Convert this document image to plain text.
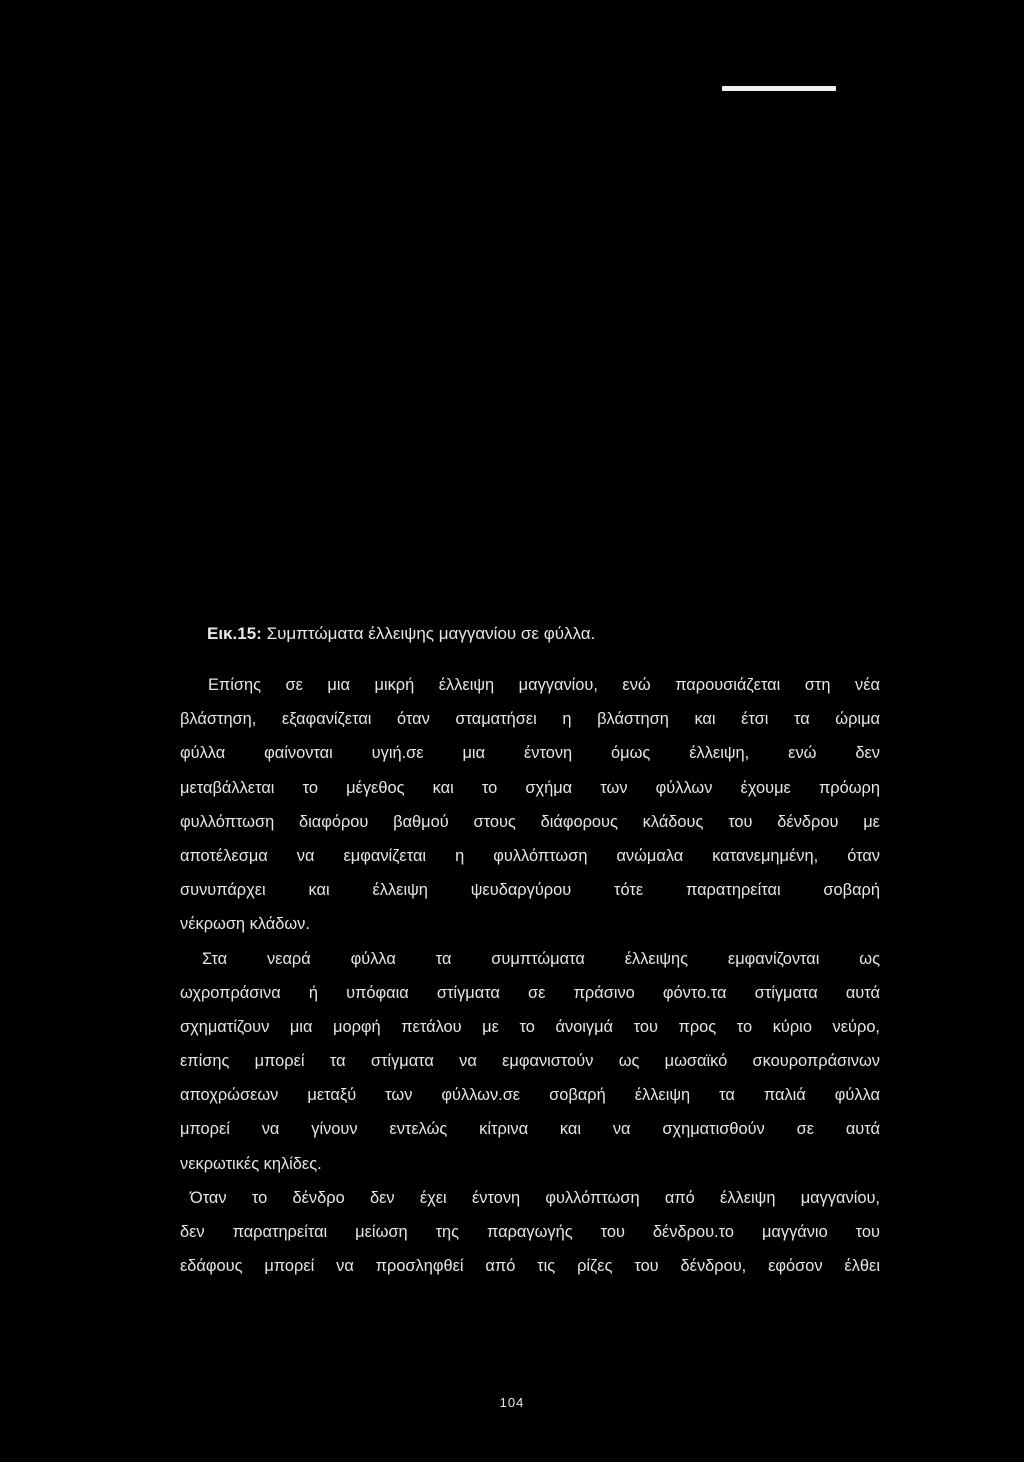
Εικ.15: Συμπτώματα έλλειψης μαγγανίου σε φύλλα.
Επίσης σε μια μικρή έλλειψη μαγγανίου, ενώ παρουσιάζεται στη νέα
βλάστηση, εξαφανίζεται όταν σταματήσει η βλάστηση και έτσι τα ώριμα
φύλλα φαίνονται υγιή.σε μια έντονη όμως έλλειψη, ενώ δεν
μεταβάλλεται το μέγεθος και το σχήμα των φύλλων έχουμε πρόωρη
φυλλόπτωση διαφόρου βαθμού στους διάφορους κλάδους του δένδρου με
αποτέλεσμα να εμφανίζεται η φυλλόπτωση ανώμαλα κατανεμημένη, όταν
συνυπάρχει και έλλειψη ψευδαργύρου τότε παρατηρείται σοβαρή
νέκρωση κλάδων.
Στα νεαρά φύλλα τα συμπτώματα έλλειψης εμφανίζονται ως
ωχροπράσινα ή υπόφαια στίγματα σε πράσινο φόντο.τα στίγματα αυτά
σχηματίζουν μια μορφή πετάλου με το άνοιγμά του προς το κύριο νεύρο,
επίσης μπορεί τα στίγματα να εμφανιστούν ως μωσαϊκό σκουροπράσινων
αποχρώσεων μεταξύ των φύλλων.σε σοβαρή έλλειψη τα παλιά φύλλα
μπορεί να γίνουν εντελώς κίτρινα και να σχηματισθούν σε αυτά
νεκρωτικές κηλίδες.
Όταν το δένδρο δεν έχει έντονη φυλλόπτωση από έλλειψη μαγγανίου,
δεν παρατηρείται μείωση της παραγωγής του δένδρου.το μαγγάνιο του
εδάφους μπορεί να προσληφθεί από τις ρίζες του δένδρου, εφόσον έλθει
104
